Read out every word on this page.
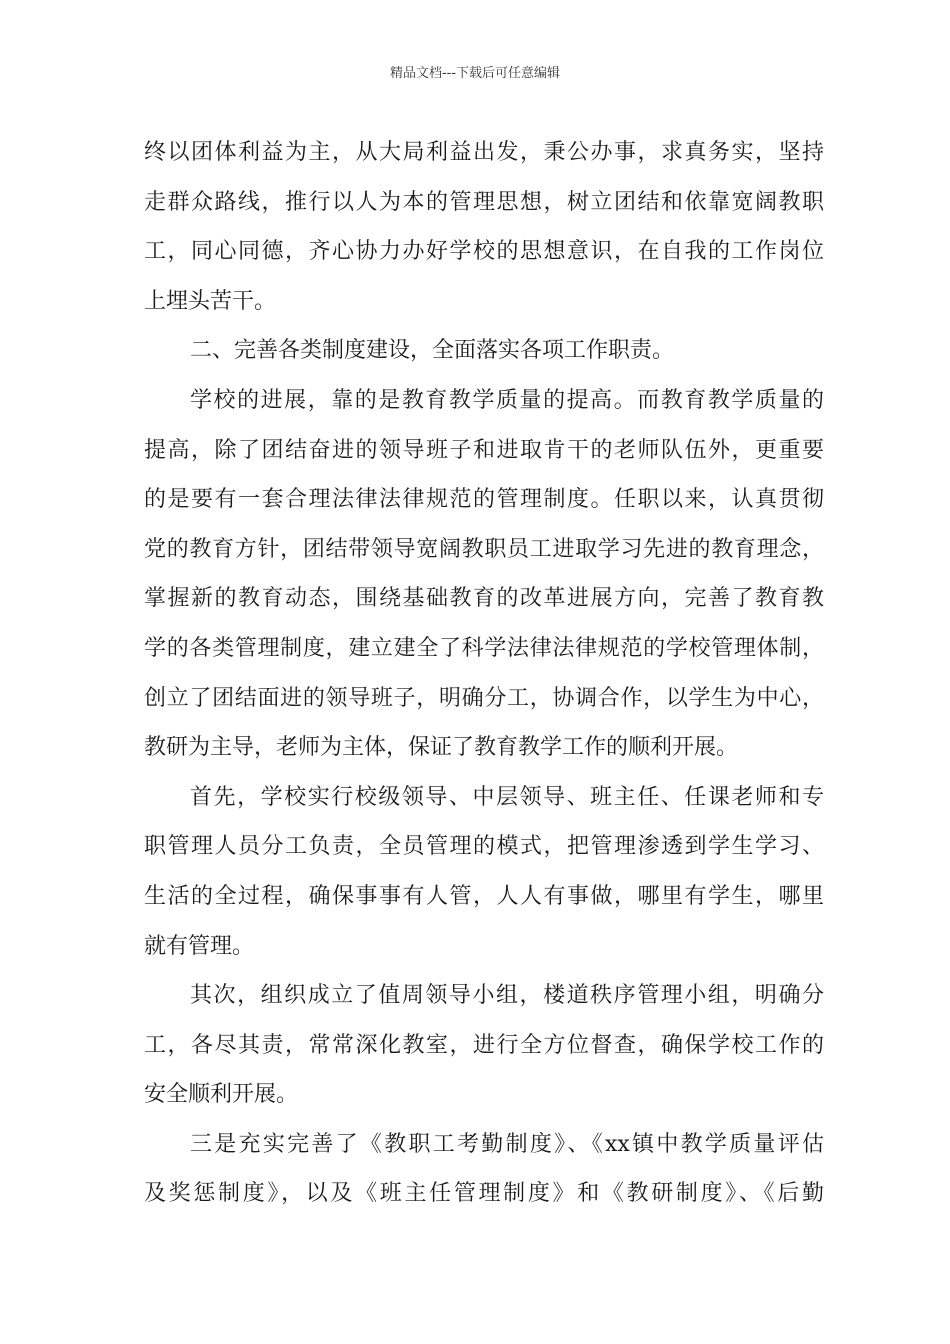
精品文档---下载后可任意编辑
终以团体利益为主，从大局利益出发，秉公办事，求真务实，坚持
走群众路线，推行以人为本的管理思想，树立团结和依靠宽阔教职
工，同心同德，齐心协力办好学校的思想意识，在自我的工作岗位
上埋头苦干。
二、完善各类制度建设，全面落实各项工作职责。
学校的进展，靠的是教育教学质量的提高。而教育教学质量的
提高，除了团结奋进的领导班子和进取肯干的老师队伍外，更重要
的是要有一套合理法律法律规范的管理制度。任职以来，认真贯彻
党的教育方针，团结带领导宽阔教职员工进取学习先进的教育理念，
掌握新的教育动态，围绕基础教育的改革进展方向，完善了教育教
学的各类管理制度，建立建全了科学法律法律规范的学校管理体制，
创立了团结面进的领导班子，明确分工，协调合作，以学生为中心，
教研为主导，老师为主体，保证了教育教学工作的顺利开展。
首先，学校实行校级领导、中层领导、班主任、任课老师和专
职管理人员分工负责，全员管理的模式，把管理渗透到学生学习、
生活的全过程，确保事事有人管，人人有事做，哪里有学生，哪里
就有管理。
其次，组织成立了值周领导小组，楼道秩序管理小组，明确分
工，各尽其责，常常深化教室，进行全方位督查，确保学校工作的
安全顺利开展。
三是充实完善了《教职工考勤制度》、《xx镇中教学质量评估
及奖惩制度》，以及《班主任管理制度》和《教研制度》、《后勤
